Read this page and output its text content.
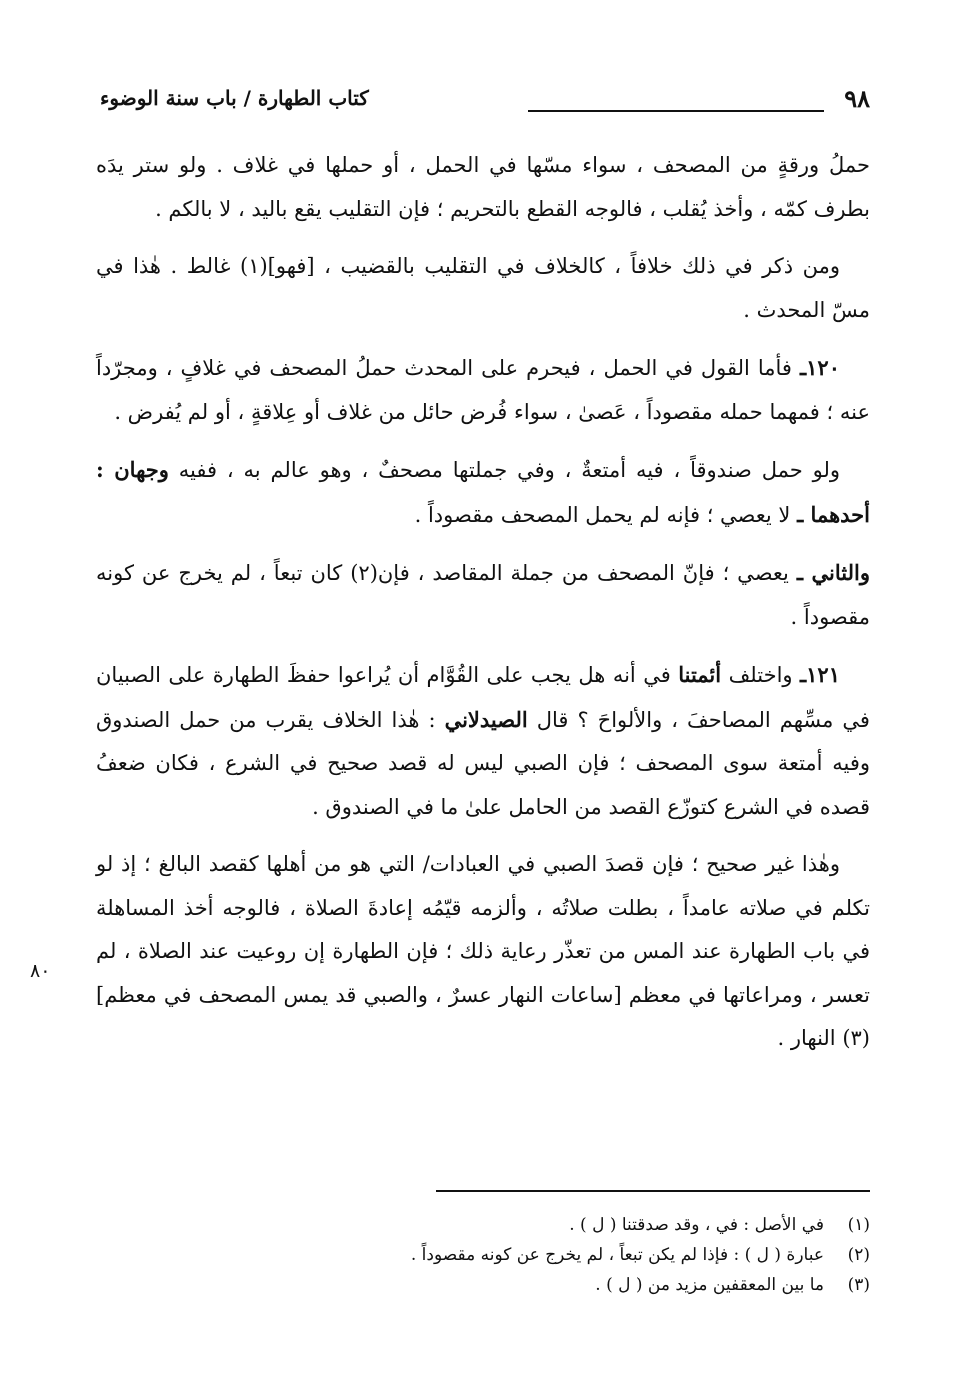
٩٨
كتاب الطهارة / باب سنة الوضوء
٨٠

حملُ ورقةٍ من المصحف ، سواء مسّها في الحمل ، أو حملها في غلاف . ولو ستر يدَه بطرف كمّه ، وأخذ يُقلب ، فالوجه القطع بالتحريم ؛ فإن التقليب يقع باليد ، لا بالكم .

ومن ذكر في ذلك خلافاً ، كالخلاف في التقليب بالقضيب ، [فهو](١) غالط . هٰذا في مسّ المحدث .

١٢٠ـ فأما القول في الحمل ، فيحرم على المحدث حملُ المصحف في غلافٍ ، ومجرّداً عنه ؛ فمهما حمله مقصوداً ، عَصىٰ ، سواء فُرض حائل من غلاف أو عِلاقةٍ ، أو لم يُفرض .

ولو حمل صندوقاً ، فيه أمتعةٌ ، وفي جملتها مصحفٌ ، وهو عالم به ، ففيه وجهان : أحدهما ـ لا يعصي ؛ فإنه لم يحمل المصحف مقصوداً .

والثاني ـ يعصي ؛ فإنّ المصحف من جملة المقاصد ، فإن(٢) كان تبعاً ، لم يخرج عن كونه مقصوداً .

١٢١ـ واختلف أئمتنا في أنه هل يجب على القُوَّام أن يُراعوا حفظَ الطهارة على الصبيان في مسِّهم المصاحفَ ، والألواحَ ؟ قال الصيدلاني : هٰذا الخلاف يقرب من حمل الصندوق وفيه أمتعة سوى المصحف ؛ فإن الصبي ليس له قصد صحيح في الشرع ، فكان ضعفُ قصده في الشرع كتوزّع القصد من الحامل علىٰ ما في الصندوق .

وهٰذا غير صحيح ؛ فإن قصدَ الصبي في العبادات/ التي هو من أهلها كقصد البالغ ؛ إذ لو تكلم في صلاته عامداً ، بطلت صلاتُه ، وألزمه قيّمُه إعادةَ الصلاة ، فالوجه أخذ المساهلة في باب الطهارة عند المس من تعذّر رعاية ذلك ؛ فإن الطهارة إن روعيت عند الصلاة ، لم تعسر ، ومراعاتها في معظم [ساعات النهار عسرٌ ، والصبي قد يمس المصحف في معظم](٣) النهار .

(١)
في الأصل : في ، وقد صدقتنا ( ل ) .
(٢)
عبارة ( ل ) : فإذا لم يكن تبعاً ، لم يخرج عن كونه مقصوداً .
(٣)
ما بين المعقفين مزيد من ( ل ) .
